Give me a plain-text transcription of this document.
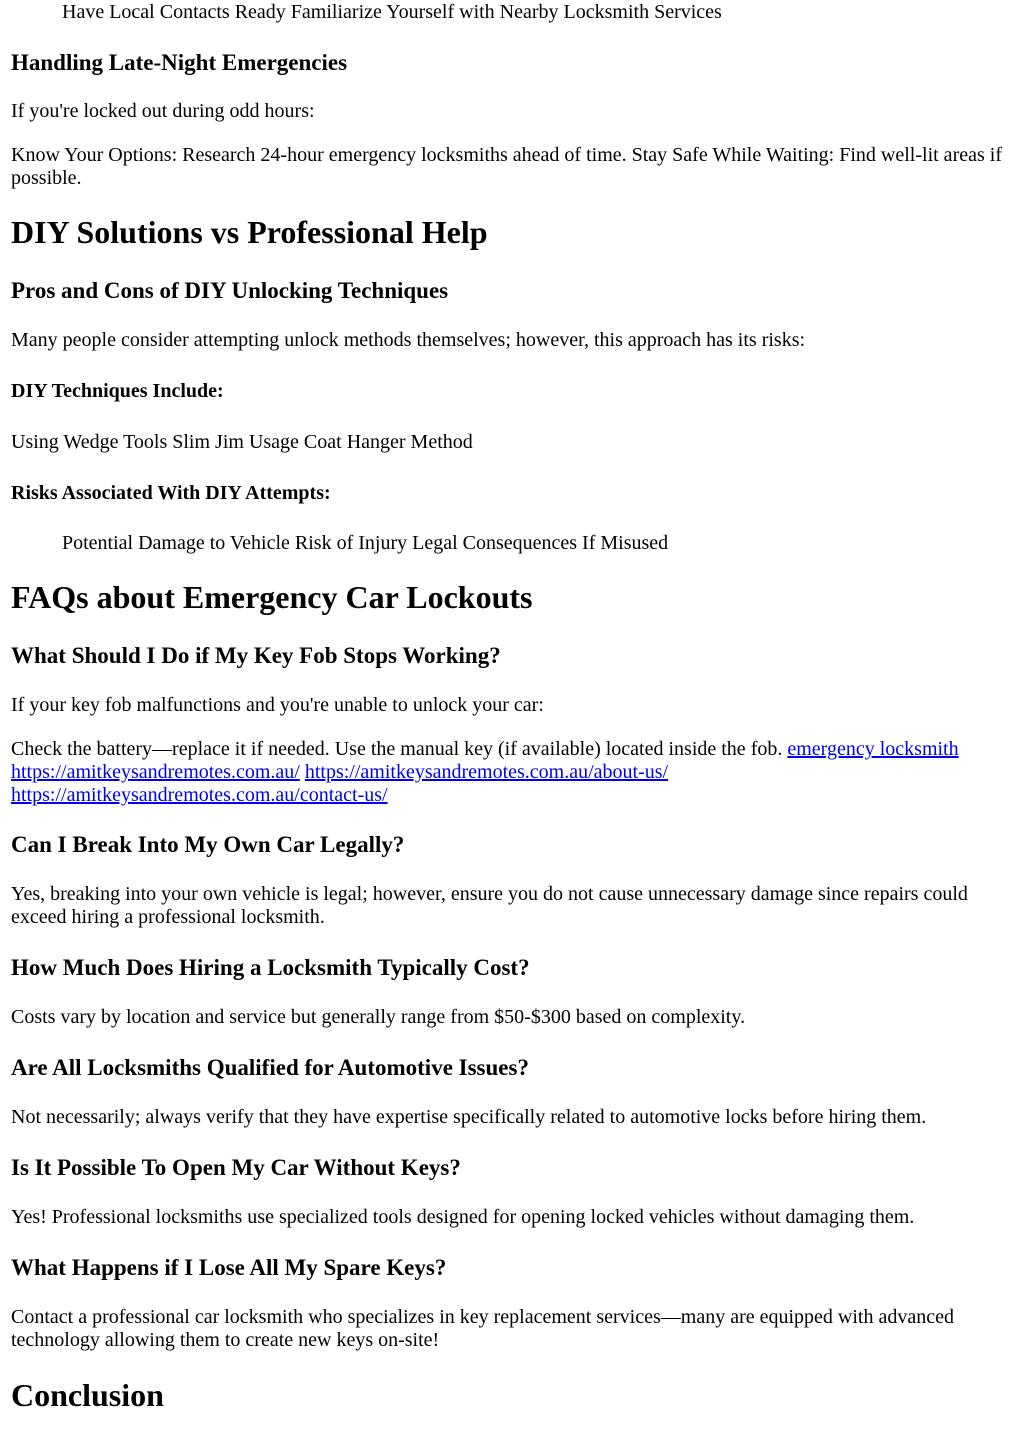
Have Local Contacts Ready Familiarize Yourself with Nearby Locksmith Services

Handling Late-Night Emergencies

If you're locked out during odd hours:

Know Your Options: Research 24-hour emergency locksmiths ahead of time. Stay Safe While Waiting: Find well-lit areas if possible.

DIY Solutions vs Professional Help
Pros and Cons of DIY Unlocking Techniques

Many people consider attempting unlock methods themselves; however, this approach has its risks:

DIY Techniques Include:

Using Wedge Tools Slim Jim Usage Coat Hanger Method

Risks Associated With DIY Attempts:

Potential Damage to Vehicle Risk of Injury Legal Consequences If Misused

FAQs about Emergency Car Lockouts
What Should I Do if My Key Fob Stops Working?

If your key fob malfunctions and you're unable to unlock your car:

Check the battery—replace it if needed. Use the manual key (if available) located inside the fob. emergency locksmith https://amitkeysandremotes.com.au/ https://amitkeysandremotes.com.au/about-us/ https://amitkeysandremotes.com.au/contact-us/

Can I Break Into My Own Car Legally?

Yes, breaking into your own vehicle is legal; however, ensure you do not cause unnecessary damage since repairs could exceed hiring a professional locksmith.

How Much Does Hiring a Locksmith Typically Cost?

Costs vary by location and service but generally range from $50-$300 based on complexity.

Are All Locksmiths Qualified for Automotive Issues?

Not necessarily; always verify that they have expertise specifically related to automotive locks before hiring them.

Is It Possible To Open My Car Without Keys?

Yes! Professional locksmiths use specialized tools designed for opening locked vehicles without damaging them.

What Happens if I Lose All My Spare Keys?

Contact a professional car locksmith who specializes in key replacement services—many are equipped with advanced technology allowing them to create new keys on-site!

Conclusion
